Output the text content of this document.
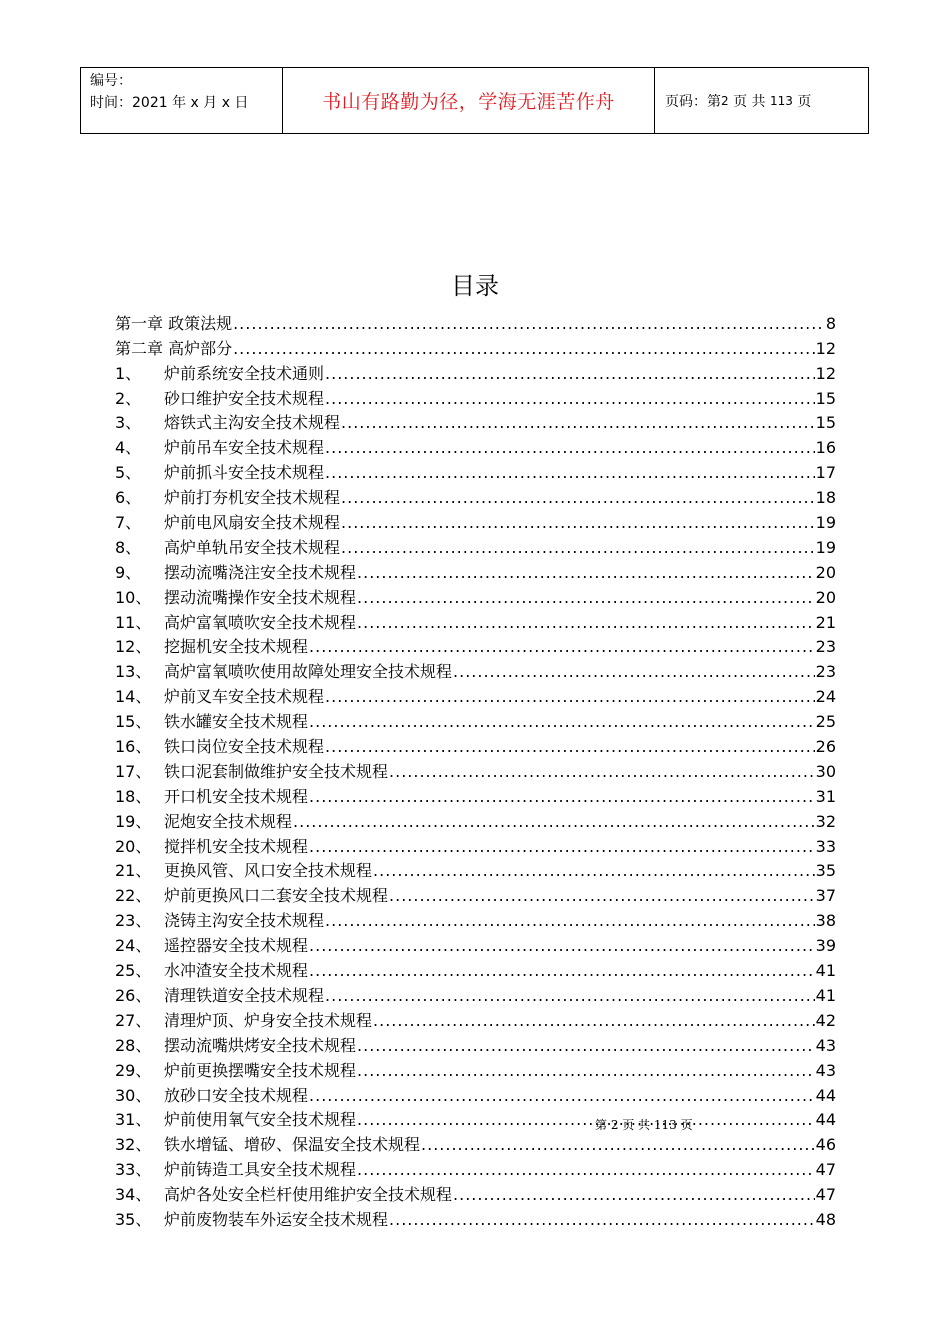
编号：
时间：2021 年 x 月 x 日	书山有路勤为径，学海无涯苦作舟	页码：第 2
页 共
113
页
目录
第一章 政策法规 .....	8
第二章 高炉部分 .....	12
1、	炉前系统安全技术通则 .....	12
2、	砂口维护安全技术规程 .....	15
3、	熔铁式主沟安全技术规程 .....	15
4、	炉前吊车安全技术规程 .....	16
5、	炉前抓斗安全技术规程 .....	17
6、	炉前打夯机安全技术规程 .....	18
7、	炉前电风扇安全技术规程 .....	19
8、	高炉单轨吊安全技术规程 .....	19
9、	摆动流嘴浇注安全技术规程 .....	20
10、 摆动流嘴操作安全技术规程 .....	20
11、 高炉富氧喷吹安全技术规程 .....	21
12、 挖掘机安全技术规程 .....	23
13、 高炉富氧喷吹使用故障处理安全技术规程 .....	23
14、 炉前叉车安全技术规程 .....	24
15、 铁水罐安全技术规程 .....	25
16、 铁口岗位安全技术规程 .....	26
17、 铁口泥套制做维护安全技术规程 .....	30
18、 开口机安全技术规程 .....	31
19、 泥炮安全技术规程 .....	32
20、 搅拌机安全技术规程 .....	33
21、 更换风管、风口安全技术规程 .....	35
22、 炉前更换风口二套安全技术规程 .....	37
23、 浇铸主沟安全技术规程 .....	38
24、 遥控器安全技术规程 .....	39
25、 水冲渣安全技术规程 .....	41
26、 清理铁道安全技术规程 .....	41
27、 清理炉顶、炉身安全技术规程 .....	42
28、 摆动流嘴烘烤安全技术规程 .....	43
29、 炉前更换摆嘴安全技术规程 .....	43
30、 放砂口安全技术规程 .....	44
31、 炉前使用氧气安全技术规程 .....	44
32、 铁水增锰、增矽、保温安全技术规程 .....	46
33、 炉前铸造工具安全技术规程 .....	47
34、 高炉各处安全栏杆使用维护安全技术规程 .....	47
35、 炉前废物装车外运安全技术规程 .....	48
第 2 页 共 113 页
